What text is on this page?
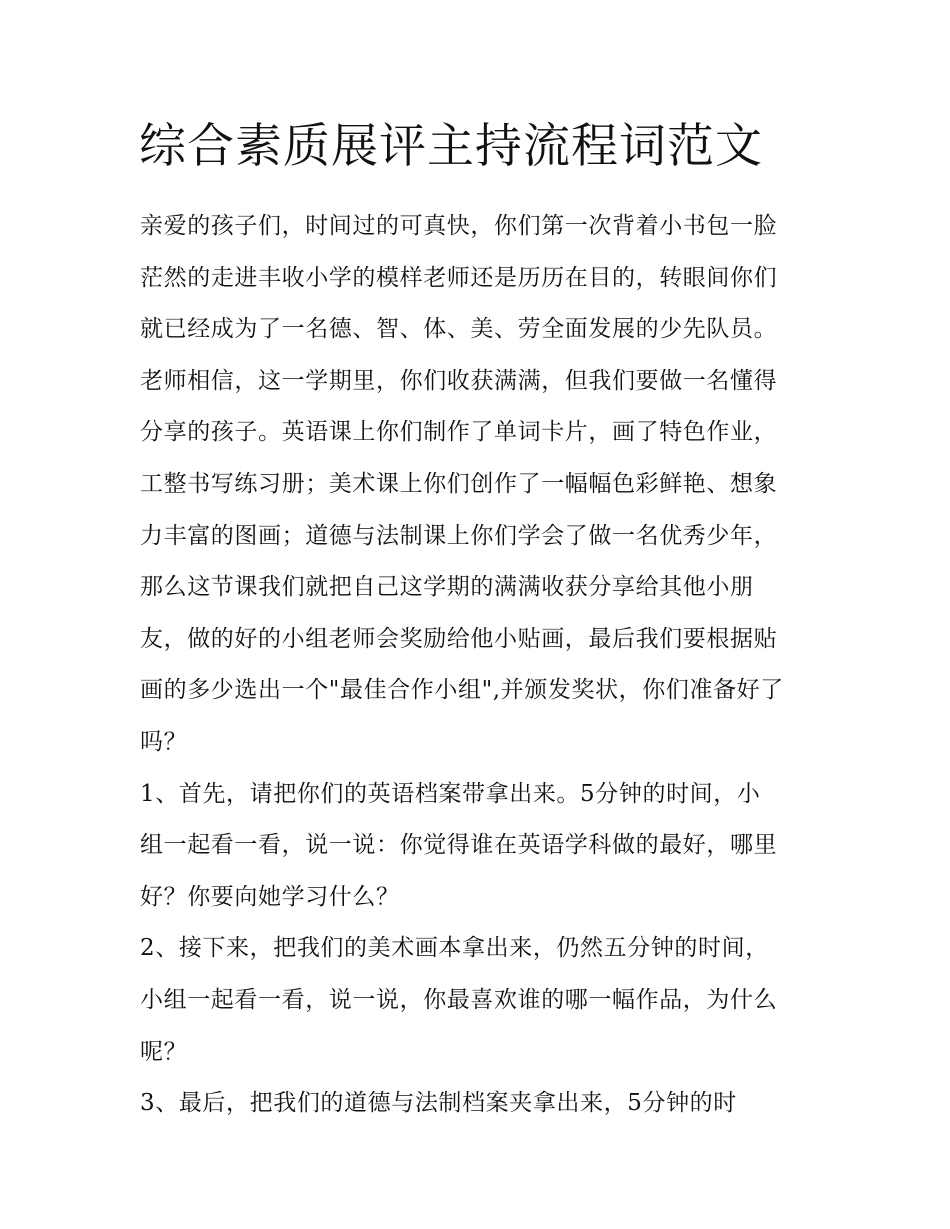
综合素质展评主持流程词范文
亲爱的孩子们，时间过的可真快，你们第一次背着小书包一脸
茫然的走进丰收小学的模样老师还是历历在目的，转眼间你们
就已经成为了一名德、智、体、美、劳全面发展的少先队员。
老师相信，这一学期里，你们收获满满，但我们要做一名懂得
分享的孩子。英语课上你们制作了单词卡片，画了特色作业，
工整书写练习册；美术课上你们创作了一幅幅色彩鲜艳、想象
力丰富的图画；道德与法制课上你们学会了做一名优秀少年，
那么这节课我们就把自己这学期的满满收获分享给其他小朋
友，做的好的小组老师会奖励给他小贴画，最后我们要根据贴
画的多少选出一个"最佳合作小组",并颁发奖状，你们准备好了
吗？
1、首先，请把你们的英语档案带拿出来。5分钟的时间，小
组一起看一看，说一说：你觉得谁在英语学科做的最好，哪里
好？你要向她学习什么？
2、接下来，把我们的美术画本拿出来，仍然五分钟的时间，
小组一起看一看，说一说，你最喜欢谁的哪一幅作品，为什么
呢？
3、最后，把我们的道德与法制档案夹拿出来，5分钟的时
